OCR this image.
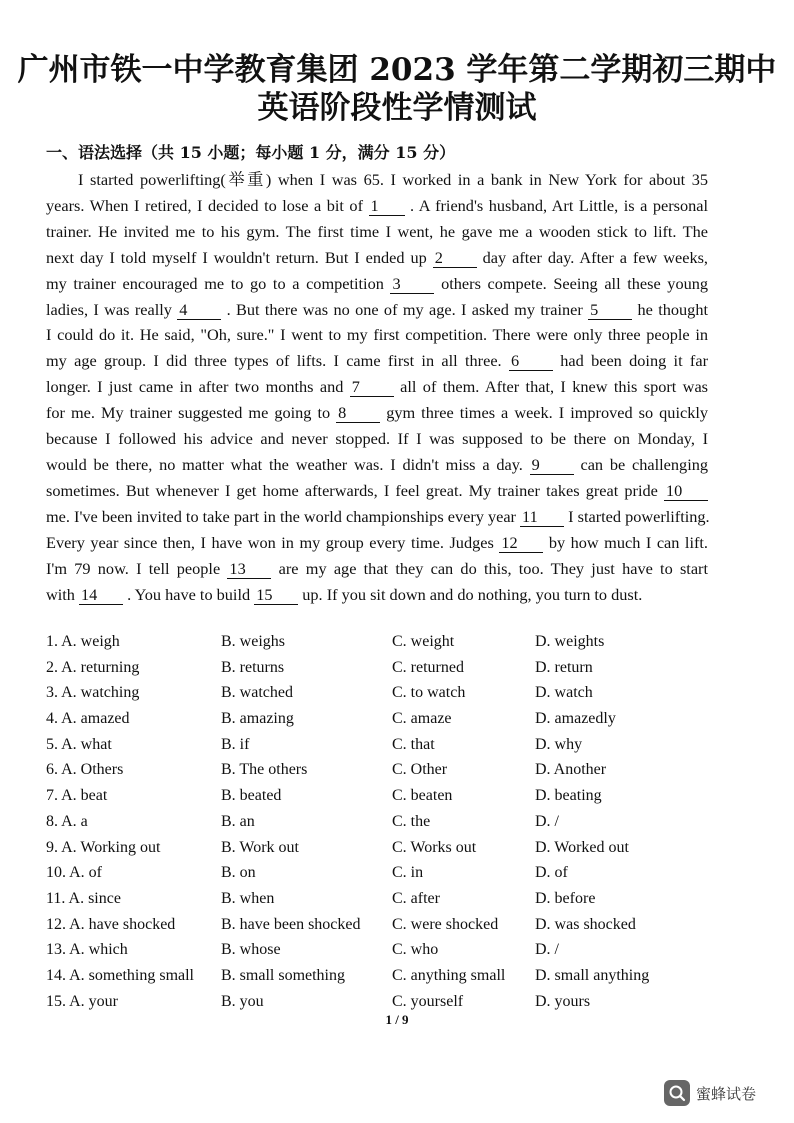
广州市铁一中学教育集团 2023 学年第二学期初三期中
英语阶段性学情测试
一、语法选择（共 15 小题；每小题 1 分，满分 15 分）
I started powerlifting(举重) when I was 65. I worked in a bank in New York for about 35
years. When I retired, I decided to lose a bit of 1 . A friend's husband, Art Little, is a personal
trainer. He invited me to his gym. The first time I went, he gave me a wooden stick to lift. The
next day I told myself I wouldn't return. But I ended up 2 day after day. After a few weeks,
my trainer encouraged me to go to a competition 3 others compete. Seeing all these young
ladies, I was really 4 . But there was no one of my age. I asked my trainer 5 he thought
I could do it. He said, "Oh, sure." I went to my first competition. There were only three people in
my age group. I did three types of lifts. I came first in all three. 6 had been doing it far
longer. I just came in after two months and 7 all of them. After that, I knew this sport was
for me. My trainer suggested me going to 8 gym three times a week. I improved so quickly
because I followed his advice and never stopped. If I was supposed to be there on Monday, I
would be there, no matter what the weather was. I didn't miss a day. 9 can be challenging
sometimes. But whenever I get home afterwards, I feel great. My trainer takes great pride 10
me. I've been invited to take part in the world championships every year 11 I started powerlifting.
Every year since then, I have won in my group every time. Judges 12 by how much I can lift.
I'm 79 now. I tell people 13 are my age that they can do this, too. They just have to start
with 14 . You have to build 15 up. If you sit down and do nothing, you turn to dust.
1. A. weigh	B. weighs	C. weight	D. weights
2. A. returning	B. returns	C. returned	D. return
3. A. watching	B. watched	C. to watch	D. watch
4. A. amazed	B. amazing	C. amaze	D. amazedly
5. A. what	B. if	C. that	D. why
6. A. Others	B. The others	C. Other	D. Another
7. A. beat	B. beated	C. beaten	D. beating
8. A. a	B. an	C. the	D. /
9. A. Working out	B. Work out	C. Works out	D. Worked out
10. A. of	B. on	C. in	D. of
11. A. since	B. when	C. after	D. before
12. A. have shocked	B. have been shocked C. were shocked D. was shocked
13. A. which	B. whose	C. who	D. /
14. A. something small B. small something	C. anything small D. small anything
15. A. your	B. you	C. yourself	D. yours
1 / 9
蜜蜂试卷
